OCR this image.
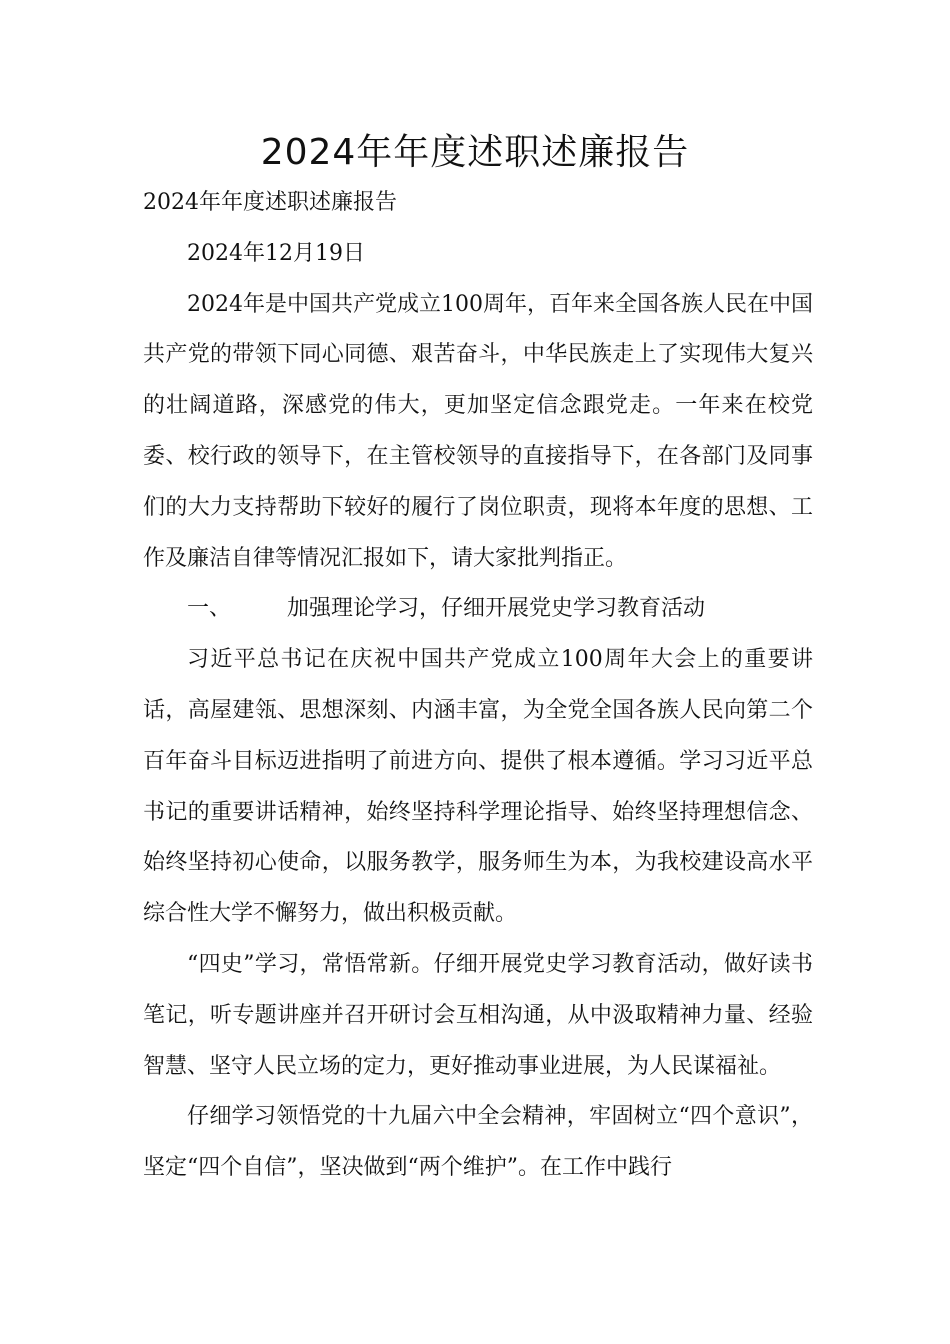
2024年年度述职述廉报告

2024年年度述职述廉报告

2024年12月19日

2024年是中国共产党成立100周年，百年来全国各族人民在中国共产党的带领下同心同德、艰苦奋斗，中华民族走上了实现伟大复兴的壮阔道路，深感党的伟大，更加坚定信念跟党走。一年来在校党委、校行政的领导下，在主管校领导的直接指导下，在各部门及同事们的大力支持帮助下较好的履行了岗位职责，现将本年度的思想、工作及廉洁自律等情况汇报如下，请大家批判指正。

一、	加强理论学习，仔细开展党史学习教育活动

习近平总书记在庆祝中国共产党成立100周年大会上的重要讲话，高屋建瓴、思想深刻、内涵丰富，为全党全国各族人民向第二个百年奋斗目标迈进指明了前进方向、提供了根本遵循。学习习近平总书记的重要讲话精神，始终坚持科学理论指导、始终坚持理想信念、始终坚持初心使命，以服务教学，服务师生为本，为我校建设高水平综合性大学不懈努力，做出积极贡献。

“四史”学习，常悟常新。仔细开展党史学习教育活动，做好读书笔记，听专题讲座并召开研讨会互相沟通，从中汲取精神力量、经验智慧、坚守人民立场的定力，更好推动事业进展，为人民谋福祉。

仔细学习领悟党的十九届六中全会精神，牢固树立“四个意识”，坚定“四个自信”，坚决做到“两个维护”。在工作中践行
